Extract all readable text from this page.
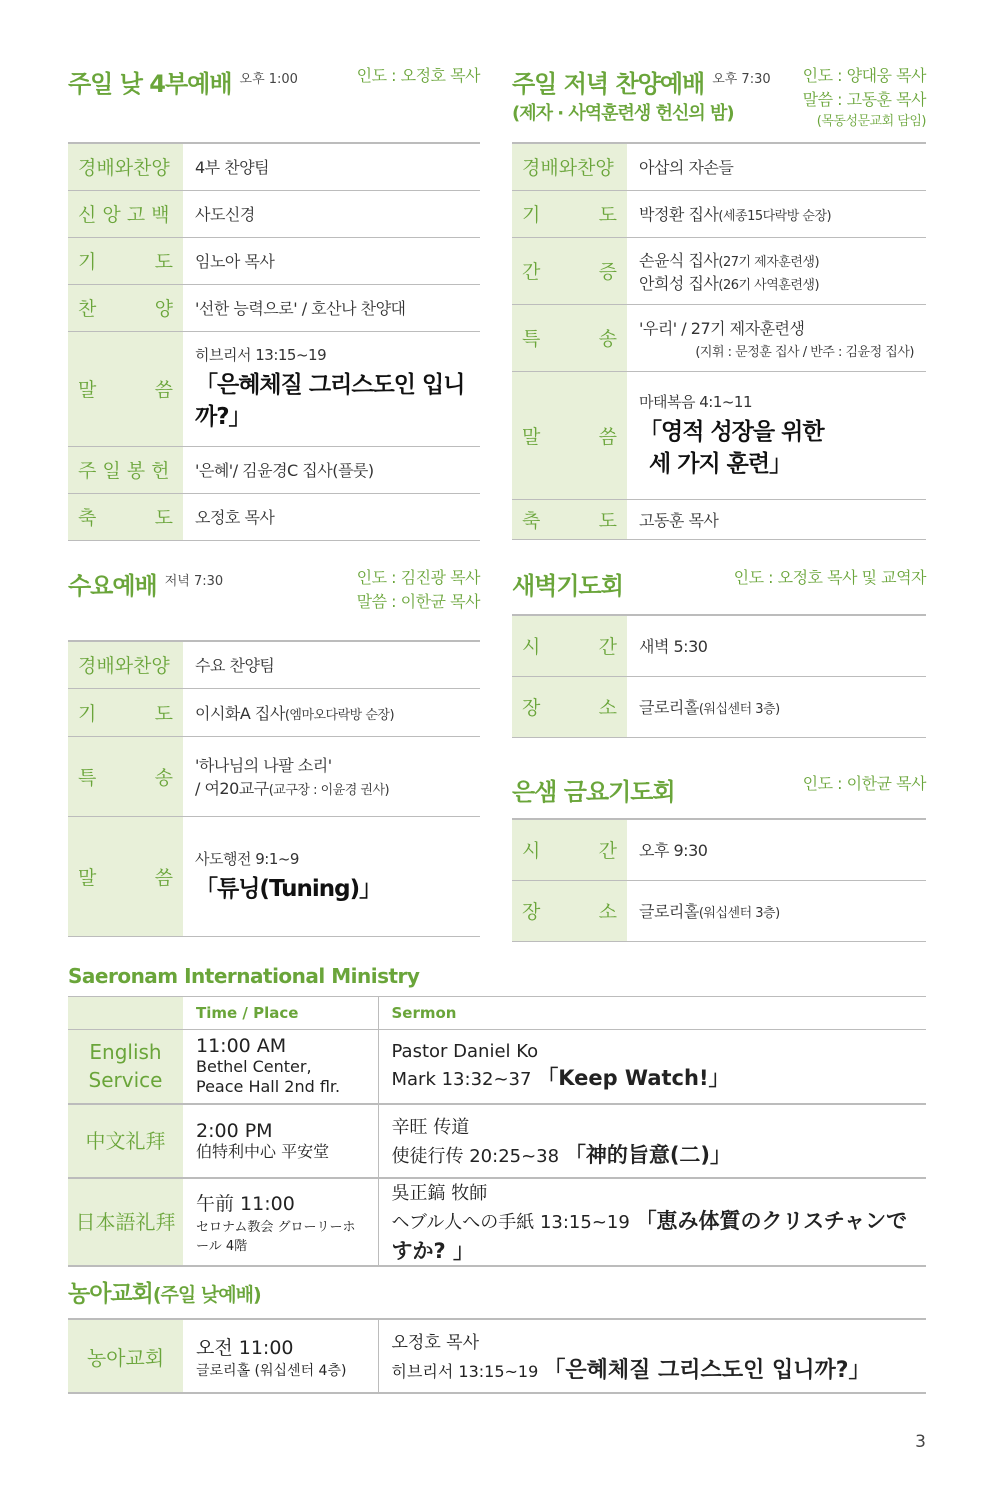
주일 낮 4부예배 오후 1:00	인도 : 오정호 목사
경배와찬양	4부 찬양팀
신 앙 고 백	사도신경

기 도	임노아 목사

찬 양	'선한 능력으로' / 호산나 찬양대

말 씀	히브리서 13:15~19
「은혜체질 그리스도인 입니까?」
주 일 봉 헌	'은혜'/ 김윤경C 집사(플룻)

축 도	오정호 목사
주일 저녁 찬양예배 오후 7:30
(제자 · 사역훈련생 헌신의 밤)
인도 : 양대웅 목사
말씀 : 고동훈 목사
(목동성문교회 담임)
경배와찬양	아삽의 자손들

기 도	박정환 집사(세종15다락방 순장)

간 증	손윤식 집사(27기 제자훈련생)
안희성 집사(26기 사역훈련생)

특 송	'우리' / 27기 제자훈련생
(지휘 : 문정훈 집사 / 반주 : 김윤정 집사)

말 씀	마태복음 4:1~11
「영적 성장을 위한
세 가지 훈련」

축 도	고동훈 목사
수요예배 저녁 7:30	인도 : 김진광 목사
말씀 : 이한균 목사
경배와찬양	수요 찬양팀

기 도	이시화A 집사(엠마오다락방 순장)

특 송	'하나님의 나팔 소리'
/ 여20교구(교구장 : 이윤경 권사)

말 씀	사도행전 9:1~9
「튜닝(Tuning)」
새벽기도회	인도 : 오정호 목사 및 교역자
시 간	새벽 5:30

장 소	글로리홀(워십센터 3층)
은샘 금요기도회	인도 : 이한균 목사
시 간	오후 9:30

장 소	글로리홀(워십센터 3층)
Saeronam International Ministry
	Time / Place	Sermon

English
Service	11:00 AM
Bethel Center,
Peace Hall 2nd flr.	Pastor Daniel Ko
Mark 13:32~37 「Keep Watch!」

中文礼拜	2:00 PM
伯特利中心 平安堂	辛旺 传道
使徒行传 20:25~38 「神的旨意(二)」

日本語礼拜	午前 11:00
セロナム教会 グローリーホール 4階	吳正鎬 牧師
ヘブル人への手紙 13:15~19 「恵み体質のクリスチャンですか? 」
농아교회(주일 낮예배)
농아교회	오전 11:00
글로리홀 (워십센터 4층)

오정호 목사
히브리서 13:15~19 「은혜체질 그리스도인 입니까?」
3
